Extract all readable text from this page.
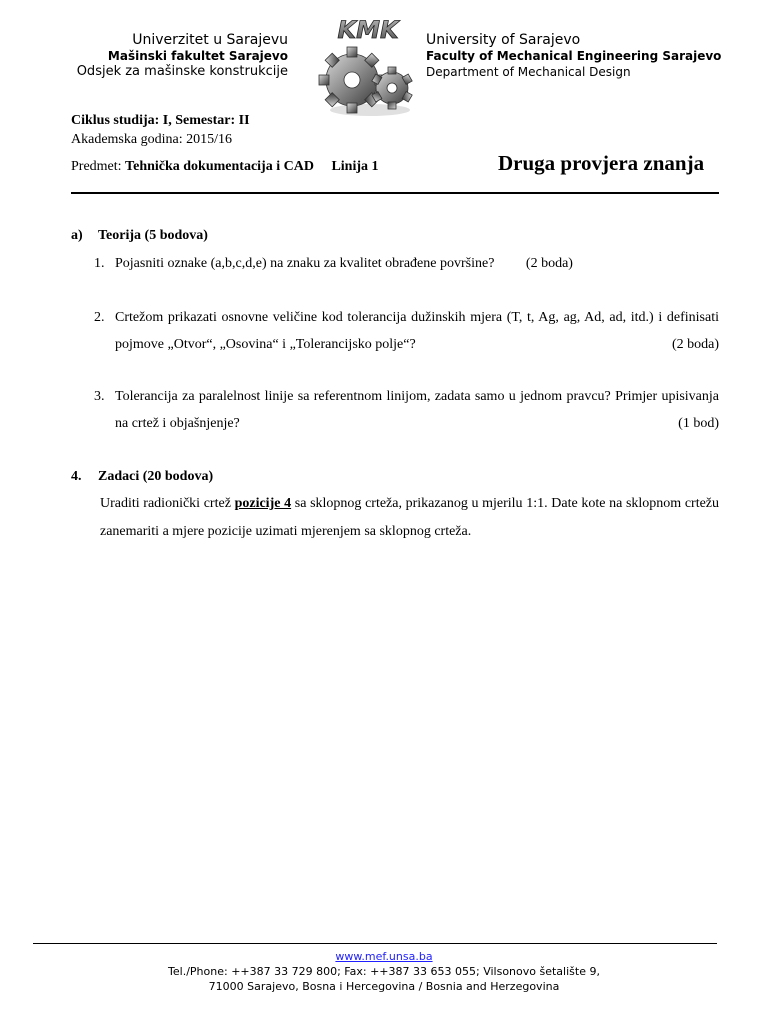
Univerzitet u Sarajevu
Mašinski fakultet Sarajevo
Odsjek za mašinske konstrukcije
KMK University of Sarajevo
Faculty of Mechanical Engineering Sarajevo
Department of Mechanical Design
Ciklus studija: I, Semestar: II
Akademska godina: 2015/16
Predmet: Tehnička dokumentacija i CAD Linija 1	Druga provjera znanja
a) Teorija (5 bodova)
1. Pojasniti oznake (a,b,c,d,e) na znaku za kvalitet obrađene površine? (2 boda)
2. Crtežom prikazati osnovne veličine kod tolerancija dužinskih mjera (T, t, Ag, ag, Ad, ad, itd.) i definisati pojmove „Otvor“, „Osovina“ i „Tolerancijsko polje“?	(2 boda)
3. Tolerancija za paralelnost linije sa referentnom linijom, zadata samo u jednom pravcu? Primjer upisivanja na crtež i objašnjenje?	(1 bod)
4. Zadaci (20 bodova)
Uraditi radionički crtež pozicije 4 sa sklopnog crteža, prikazanog u mjerilu 1:1. Date kote na sklopnom crtežu zanemariti a mjere pozicije uzimati mjerenjem sa sklopnog crteža.
www.mef.unsa.ba
Tel./Phone: ++387 33 729 800; Fax: ++387 33 653 055; Vilsonovo šetalište 9,
71000 Sarajevo, Bosna i Hercegovina / Bosnia and Herzegovina
